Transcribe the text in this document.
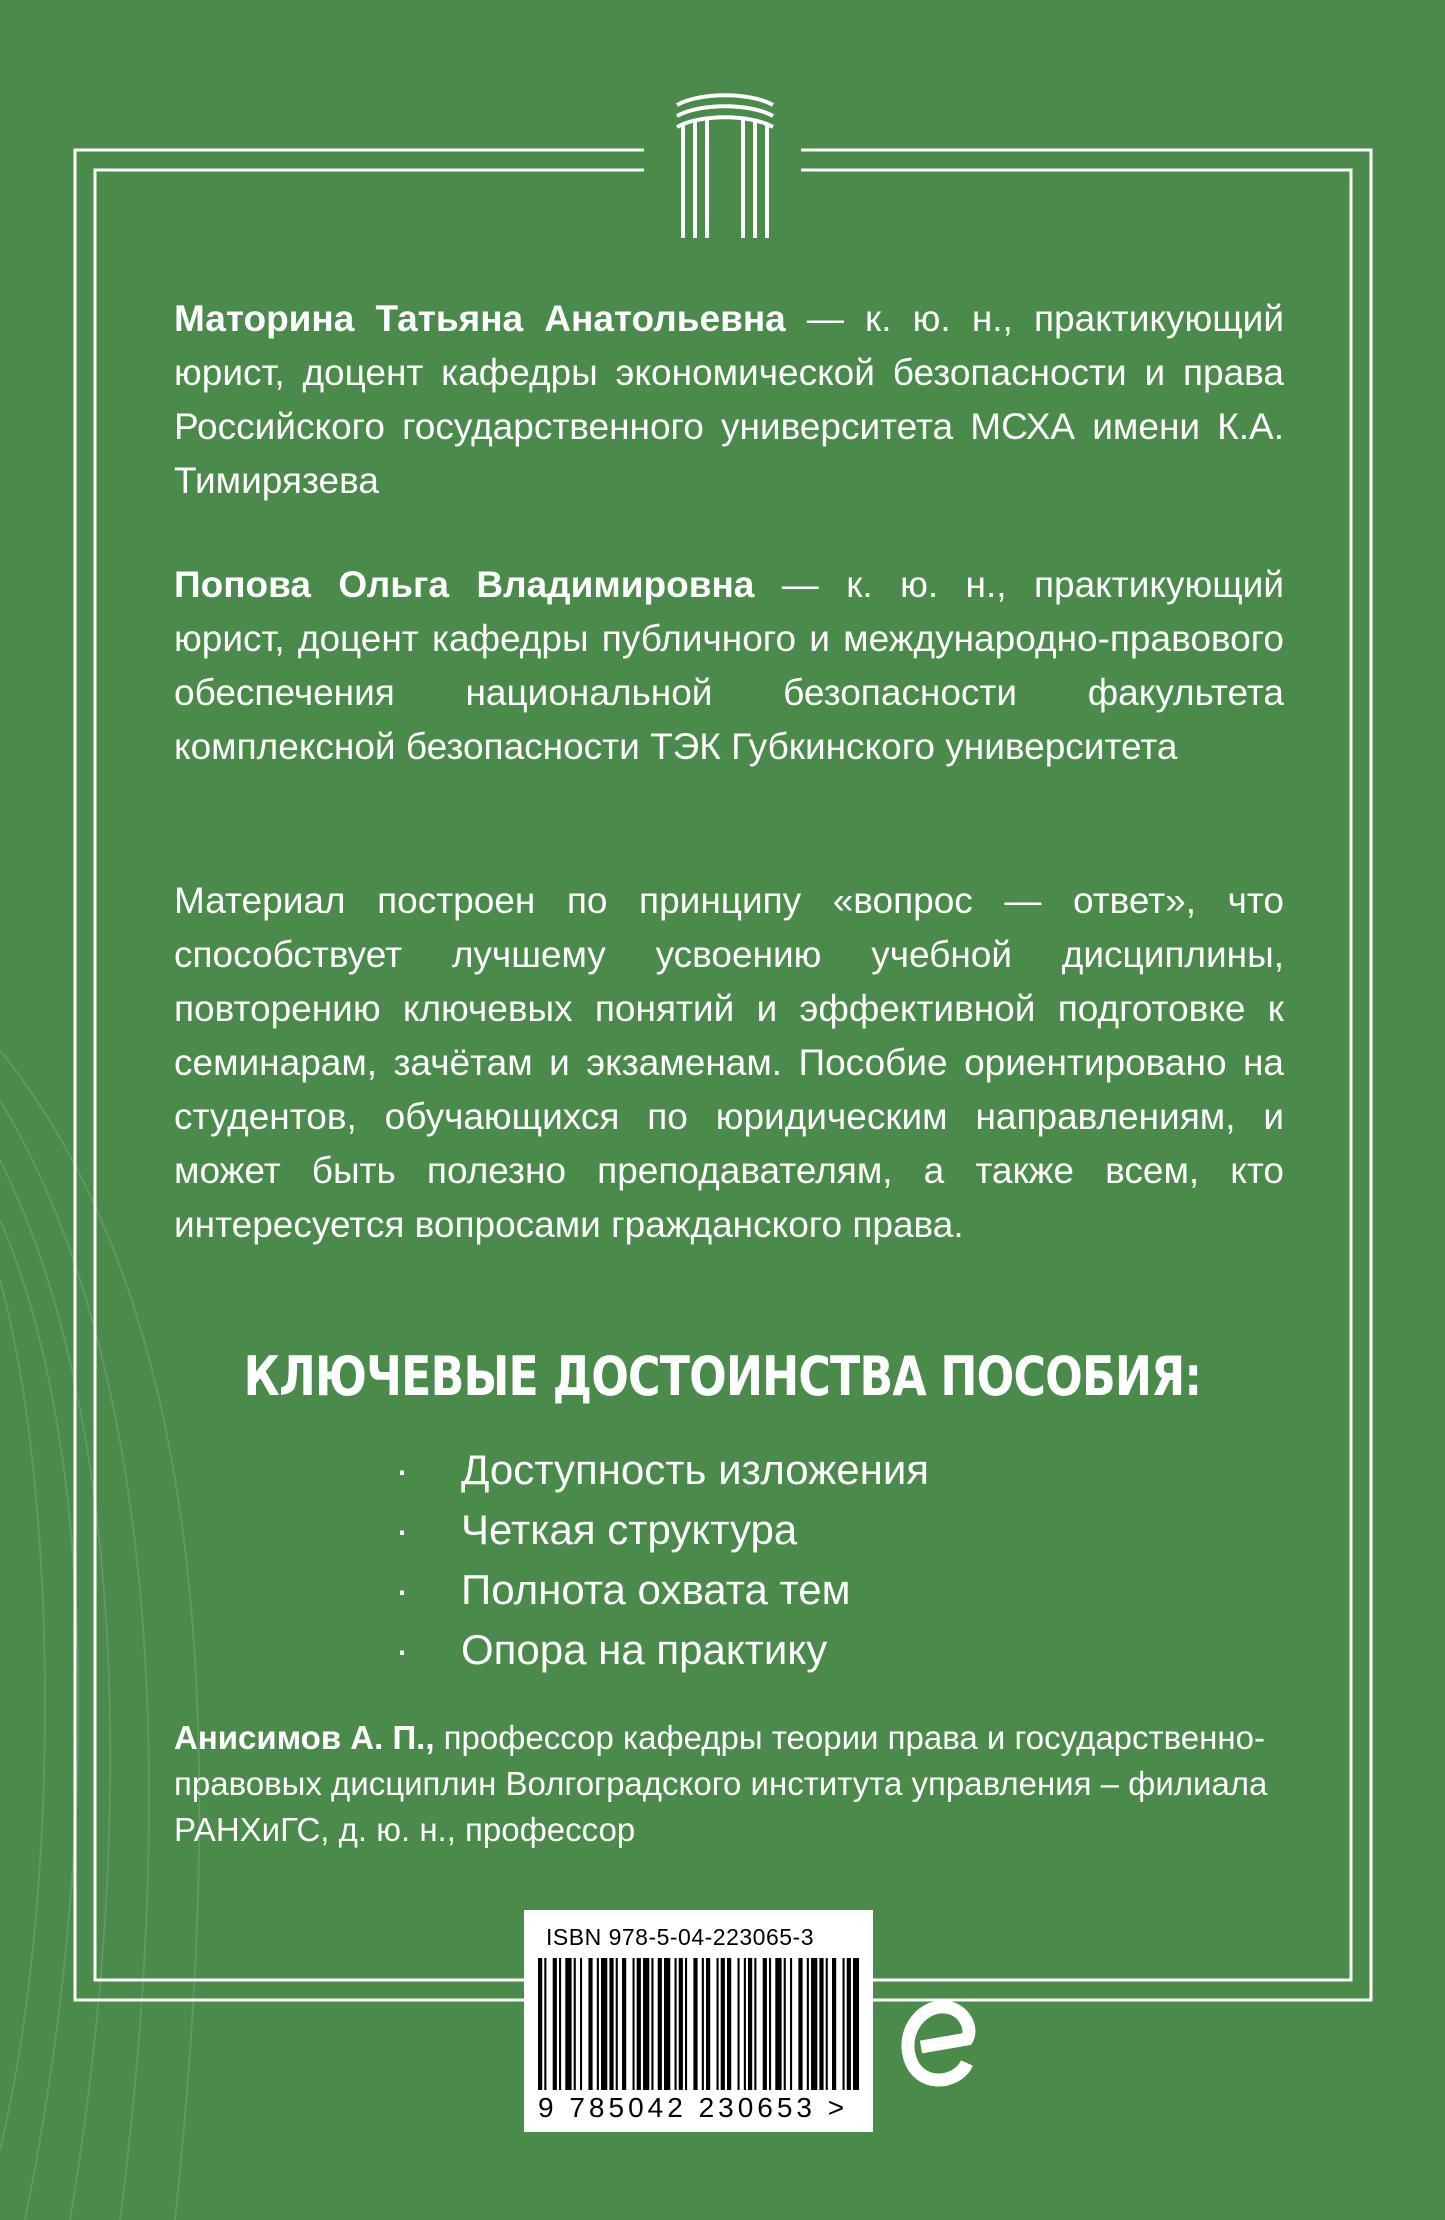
Маторина Татьяна Анатольевна — к. ю. н., практикующий юрист, доцент кафедры экономической безопасности и права Российского государственного университета МСХА имени К.А. Тимирязева

Попова Ольга Владимировна — к. ю. н., практикующий юрист, доцент кафедры публичного и международно-правового обеспечения национальной безопасности факультета комплексной безопасности ТЭК Губкинского университета

Материал построен по принципу «вопрос — ответ», что способствует лучшему усвоению учебной дисциплины, повторению ключевых понятий и эффективной подготовке к семинарам, зачётам и экзаменам. Пособие ориентировано на студентов, обучающихся по юридическим направлениям, и может быть полезно преподавателям, а также всем, кто интересуется вопросами гражданского права.

КЛЮЧЕВЫЕ ДОСТОИНСТВА ПОСОБИЯ:
· Доступность изложения
· Четкая структура
· Полнота охвата тем
· Опора на практику

Анисимов А. П., профессор кафедры теории права и государственно-правовых дисциплин Волгоградского института управления – филиала РАНХиГС, д. ю. н., профессор

ISBN 978-5-04-223065-3
9 785042 230653 >
